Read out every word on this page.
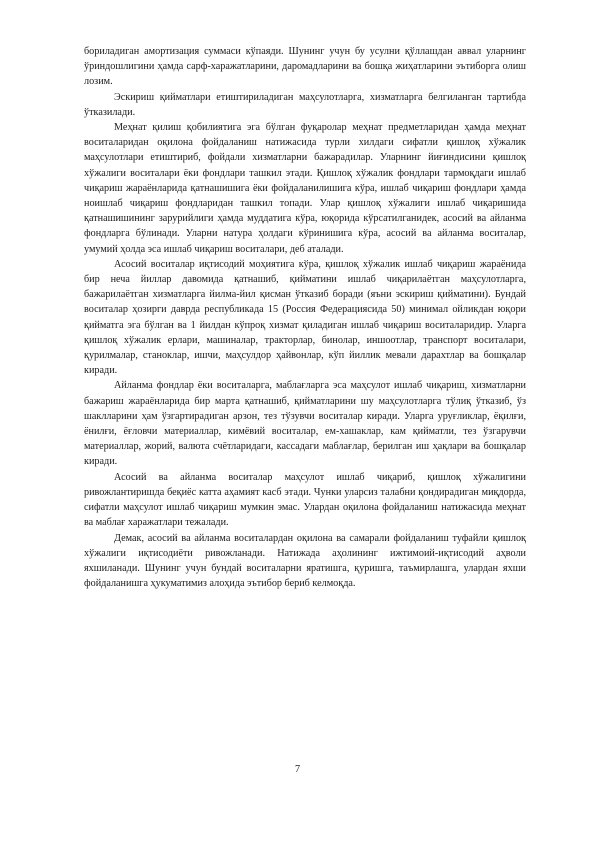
бориладиган амортизация суммаси кўпаяди. Шунинг учун бу усулни қўллашдан аввал уларнинг ўриндошлигини ҳамда сарф-харажатларини, даромадларини ва бошқа жиҳатларини эътиборга олиш лозим.

Эскириш қийматлари етиштириладиган маҳсулотларга, хизматларга белгиланган тартибда ўтказилади.

Меҳнат қилиш қобилиятига эга бўлган фуқаролар меҳнат предметларидан ҳамда меҳнат воситаларидан оқилона фойдаланиш натижасида турли хилдаги сифатли қишлоқ хўжалик маҳсулотлари етиштириб, фойдали хизматларни бажарадилар. Уларнинг йиғиндисини қишлоқ хўжалиги воситалари ёки фондлари ташкил этади. Қишлоқ хўжалик фондлари тармоқдаги ишлаб чиқариш жараёнларида қатнашишига ёки фойдаланилишига кўра, ишлаб чиқариш фондлари ҳамда ноишлаб чиқариш фондларидан ташкил топади. Улар қишлоқ хўжалиги ишлаб чиқаришида қатнашишининг зарурийлиги ҳамда муддатига кўра, юқорида кўрсатилганидек, асосий ва айланма фондларга бўлинади. Уларни натура ҳолдаги кўринишига кўра, асосий ва айланма воситалар, умумий ҳолда эса ишлаб чиқариш воситалари, деб аталади.

Асосий воситалар иқтисодий моҳиятига кўра, қишлоқ хўжалик ишлаб чиқариш жараёнида бир неча йиллар давомида қатнашиб, қийматини ишлаб чиқарилаётган маҳсулотларга, бажарилаётган хизматларга йилма-йил қисман ўтказиб боради (яъни эскириш қийматини). Бундай воситалар ҳозирги даврда республикада 15 (Россия Федерациясида 50) минимал ойликдан юқори қийматга эга бўлган ва 1 йилдан кўпроқ хизмат қиладиган ишлаб чиқариш воситаларидир. Уларга қишлоқ хўжалик ерлари, машиналар, тракторлар, бинолар, иншоотлар, транспорт воситалари, қурилмалар, станоклар, ишчи, маҳсулдор ҳайвонлар, кўп йиллик мевали дарахтлар ва бошқалар киради.

Айланма фондлар ёки воситаларга, маблағларга эса маҳсулот ишлаб чиқариш, хизматларни бажариш жараёнларида бир марта қатнашиб, қийматларини шу маҳсулотларга тўлиқ ўтказиб, ўз шаклларини ҳам ўзгартирадиган арзон, тез тўзувчи воситалар киради. Уларга уруғликлар, ёқилғи, ёнилғи, ёғловчи материаллар, кимёвий воситалар, ем-хашаклар, кам қийматли, тез ўзгарувчи материаллар, жорий, валюта счётларидаги, кассадаги маблағлар, берилган иш ҳақлари ва бошқалар киради.

Асосий ва айланма воситалар маҳсулот ишлаб чиқариб, қишлоқ хўжалигини ривожлантиришда беқиёс катта аҳамият касб этади. Чунки уларсиз талабни қондирадиган миқдорда, сифатли маҳсулот ишлаб чиқариш мумкин эмас. Улардан оқилона фойдаланиш натижасида меҳнат ва маблағ харажатлари тежалади.

Демак, асосий ва айланма воситалардан оқилона ва самарали фойдаланиш туфайли қишлоқ хўжалиги иқтисодиёти ривожланади. Натижада аҳолининг ижтимоий-иқтисодий аҳволи яхшиланади. Шунинг учун бундай воситаларни яратишга, қуришга, таъмирлашга, улардан яхши фойдаланишга ҳукуматимиз алоҳида эътибор бериб келмоқда.

7
